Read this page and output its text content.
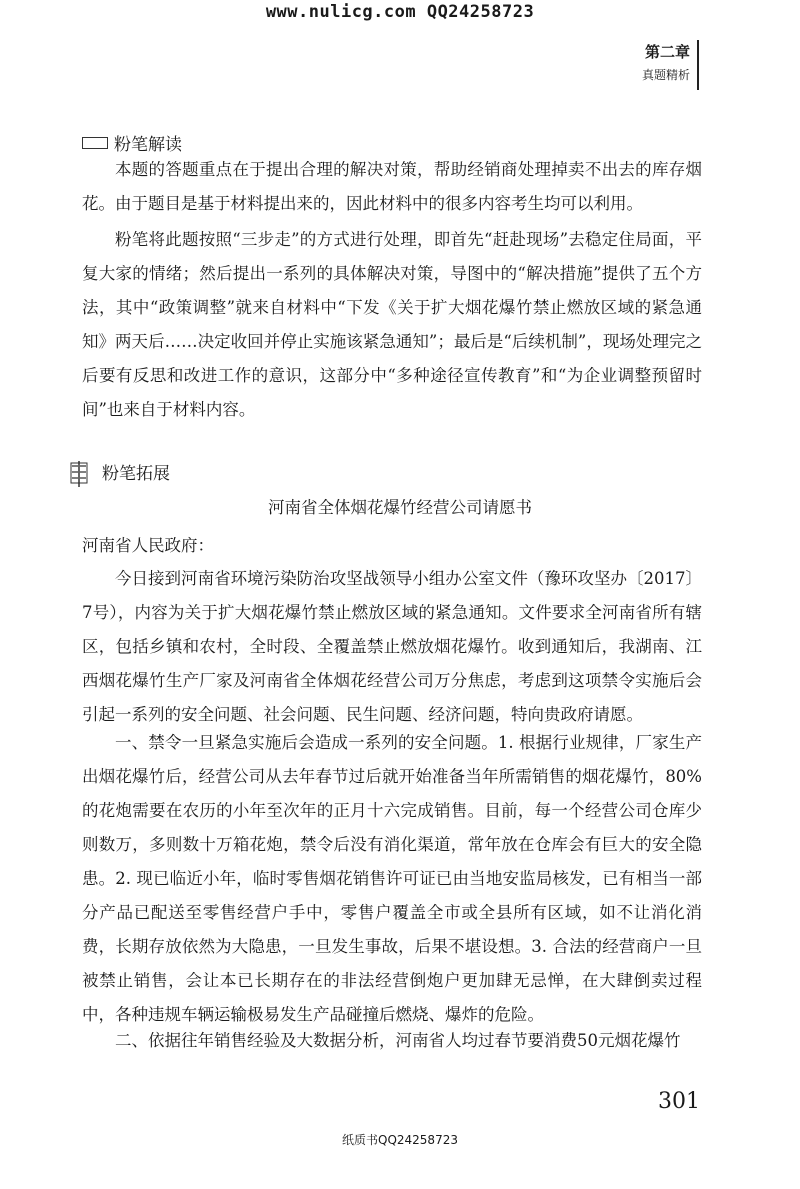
www.nulicg.com QQ24258723
第二章
真题精析
粉笔解读

本题的答题重点在于提出合理的解决对策，帮助经销商处理掉卖不出去的库存烟花。由于题目是基于材料提出来的，因此材料中的很多内容考生均可以利用。

粉笔将此题按照“三步走”的方式进行处理，即首先“赶赴现场”去稳定住局面，平复大家的情绪；然后提出一系列的具体解决对策，导图中的“解决措施”提供了五个方法，其中“政策调整”就来自材料中“下发《关于扩大烟花爆竹禁止燃放区域的紧急通知》两天后……决定收回并停止实施该紧急通知”；最后是“后续机制”，现场处理完之后要有反思和改进工作的意识，这部分中“多种途径宣传教育”和“为企业调整预留时间”也来自于材料内容。

粉笔拓展
河南省全体烟花爆竹经营公司请愿书
河南省人民政府：

今日接到河南省环境污染防治攻坚战领导小组办公室文件（豫环攻坚办〔2017〕7号），内容为关于扩大烟花爆竹禁止燃放区域的紧急通知。文件要求全河南省所有辖区，包括乡镇和农村，全时段、全覆盖禁止燃放烟花爆竹。收到通知后，我湖南、江西烟花爆竹生产厂家及河南省全体烟花经营公司万分焦虑，考虑到这项禁令实施后会引起一系列的安全问题、社会问题、民生问题、经济问题，特向贵政府请愿。

一、禁令一旦紧急实施后会造成一系列的安全问题。1. 根据行业规律，厂家生产出烟花爆竹后，经营公司从去年春节过后就开始准备当年所需销售的烟花爆竹，80%的花炮需要在农历的小年至次年的正月十六完成销售。目前，每一个经营公司仓库少则数万，多则数十万箱花炮，禁令后没有消化渠道，常年放在仓库会有巨大的安全隐患。2. 现已临近小年，临时零售烟花销售许可证已由当地安监局核发，已有相当一部分产品已配送至零售经营户手中，零售户覆盖全市或全县所有区域，如不让消化消费，长期存放依然为大隐患，一旦发生事故，后果不堪设想。3. 合法的经营商户一旦被禁止销售，会让本已长期存在的非法经营倒炮户更加肆无忌惮，在大肆倒卖过程中，各种违规车辆运输极易发生产品碰撞后燃烧、爆炸的危险。

二、依据往年销售经验及大数据分析，河南省人均过春节要消费50元烟花爆竹

301
纸质书QQ24258723
